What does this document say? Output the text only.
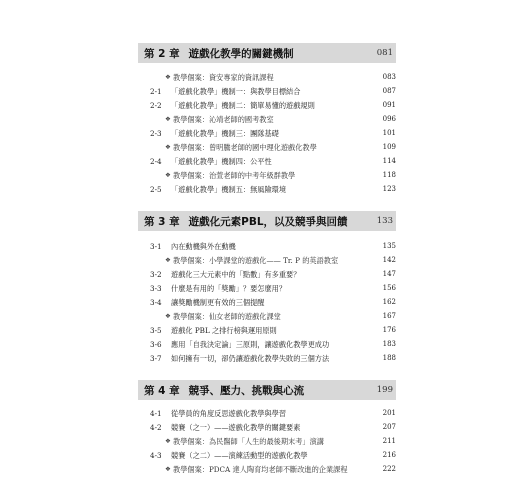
第 2 章 遊戲化教學的關鍵機制	081
❖ 教學個案：資安專家的資訊課程	083
2-1	「遊戲化教學」機制一：與教學目標結合	087
2-2	「遊戲化教學」機制二：簡單易懂的遊戲規則	091
❖ 教學個案：沁靖老師的國考教室	096
2-3	「遊戲化教學」機制三：團隊基礎	101
❖ 教學個案：曾明騰老師的國中理化遊戲化教學	109
2-4	「遊戲化教學」機制四：公平性	114
❖ 教學個案：治萱老師的中考年級群教學	118
2-5	「遊戲化教學」機制五：無風險環境	123
第 3 章 遊戲化元素PBL，以及競爭與回饋	133
3-1	內在動機與外在動機	135
❖ 教學個案：小學課堂的遊戲化—— Tr. P 的英語教室	142
3-2	遊戲化三大元素中的「點數」有多重要？	147
3-3	什麼是有用的「獎勵」？要怎麼用？	156
3-4	讓獎勵機制更有效的三個提醒	162
❖ 教學個案：仙女老師的遊戲化課堂	167
3-5	遊戲化 PBL 之排行榜與運用原則	176
3-6	應用「自我決定論」三原則，讓遊戲化教學更成功	183
3-7	如何擁有一切，卻仍讓遊戲化教學失敗的三個方法	188
第 4 章 競爭、壓力、挑戰與心流	199
4-1	從學員的角度反思遊戲化教學與學習	201
4-2	競賽（之一）——遊戲化教學的關鍵要素	207
❖ 教學個案：為民醫師「人生的最後期末考」演講	211
4-3	競賽（之二）——演練活動型的遊戲化教學	216
❖ 教學個案：PDCA 達人陶育均老師不斷改進的企業課程	222
